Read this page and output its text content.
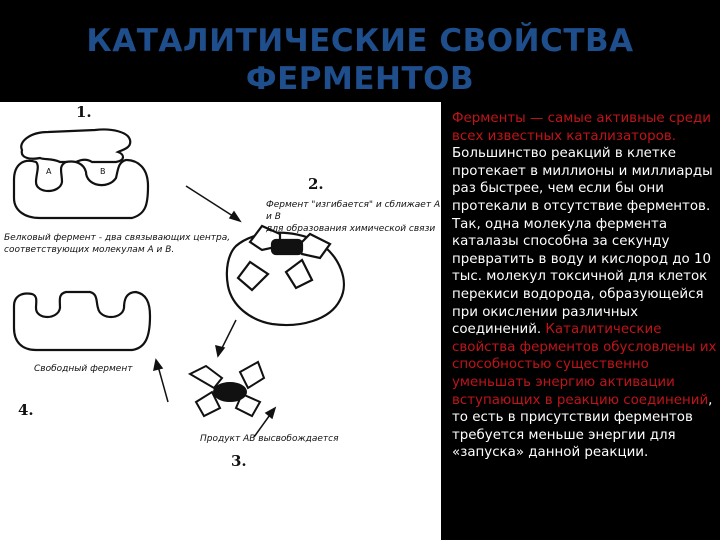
КАТАЛИТИЧЕСКИЕ СВОЙСТВА
ФЕРМЕНТОВ
1.
2.
3.
4.
A	B
Фермент "изгибается" и сближает А и В
для образования химической связи
Белковый фермент - два связывающих центра,
соответствующих молекулам А и В.
Свободный фермент
Продукт АВ высвобождается
Ферменты — самые активные среди всех известных катализаторов. Большинство реакций в клетке протекает в миллионы и миллиарды раз быстрее, чем если бы они протекали в отсутствие ферментов. Так, одна молекула фермента каталазы способна за секунду превратить в воду и кислород до 10 тыс. молекул токсичной для клеток перекиси водорода, образующейся при окислении различных соединений. Каталитические свойства ферментов обусловлены их способностью существенно уменьшать энергию активации вступающих в реакцию соединений, то есть в присутствии ферментов требуется меньше энергии для «запуска» данной реакции.
